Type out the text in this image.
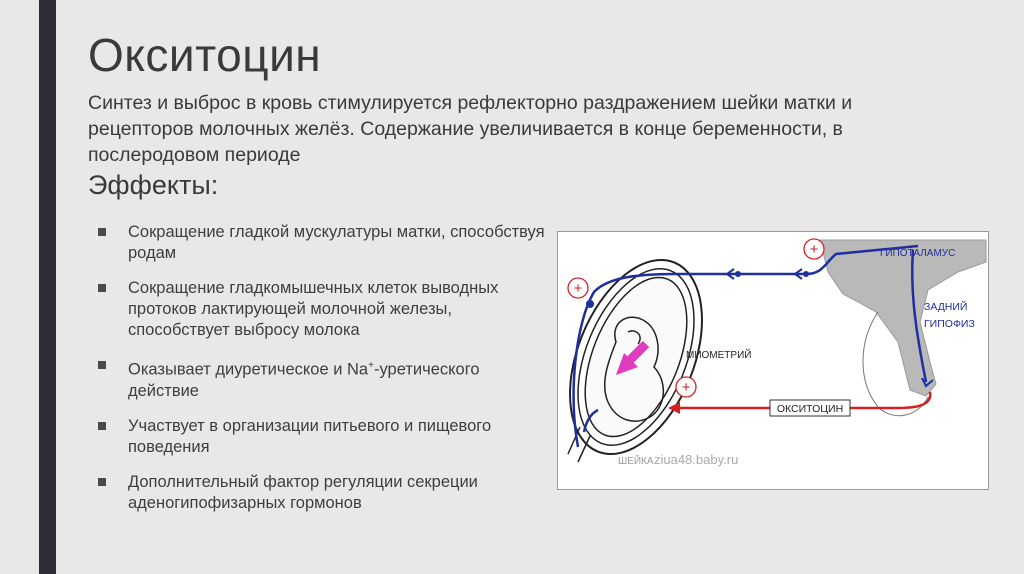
Окситоцин

Синтез и выброс в кровь стимулируется рефлекторно раздражением шейки матки и рецепторов молочных желёз. Содержание увеличивается в конце беременности, в послеродовом периоде

Эффекты:
Сокращение гладкой мускулатуры матки, способствуя родам
Сокращение гладкомышечных клеток выводных протоков лактирующей молочной железы, способствует выбросу молока
Оказывает диуретическое и Na+-уретического действие
Участвует в организации питьевого и пищевого поведения
Дополнительный фактор регуляции секреции аденогипофизарных гормонов
+
+
+
ОКСИТОЦИН
ГИПОТАЛАМУС
ЗАДНИЙ
ГИПОФИЗ
МИОМЕТРИЙ
ШЕЙКА ziua48.baby.ru
